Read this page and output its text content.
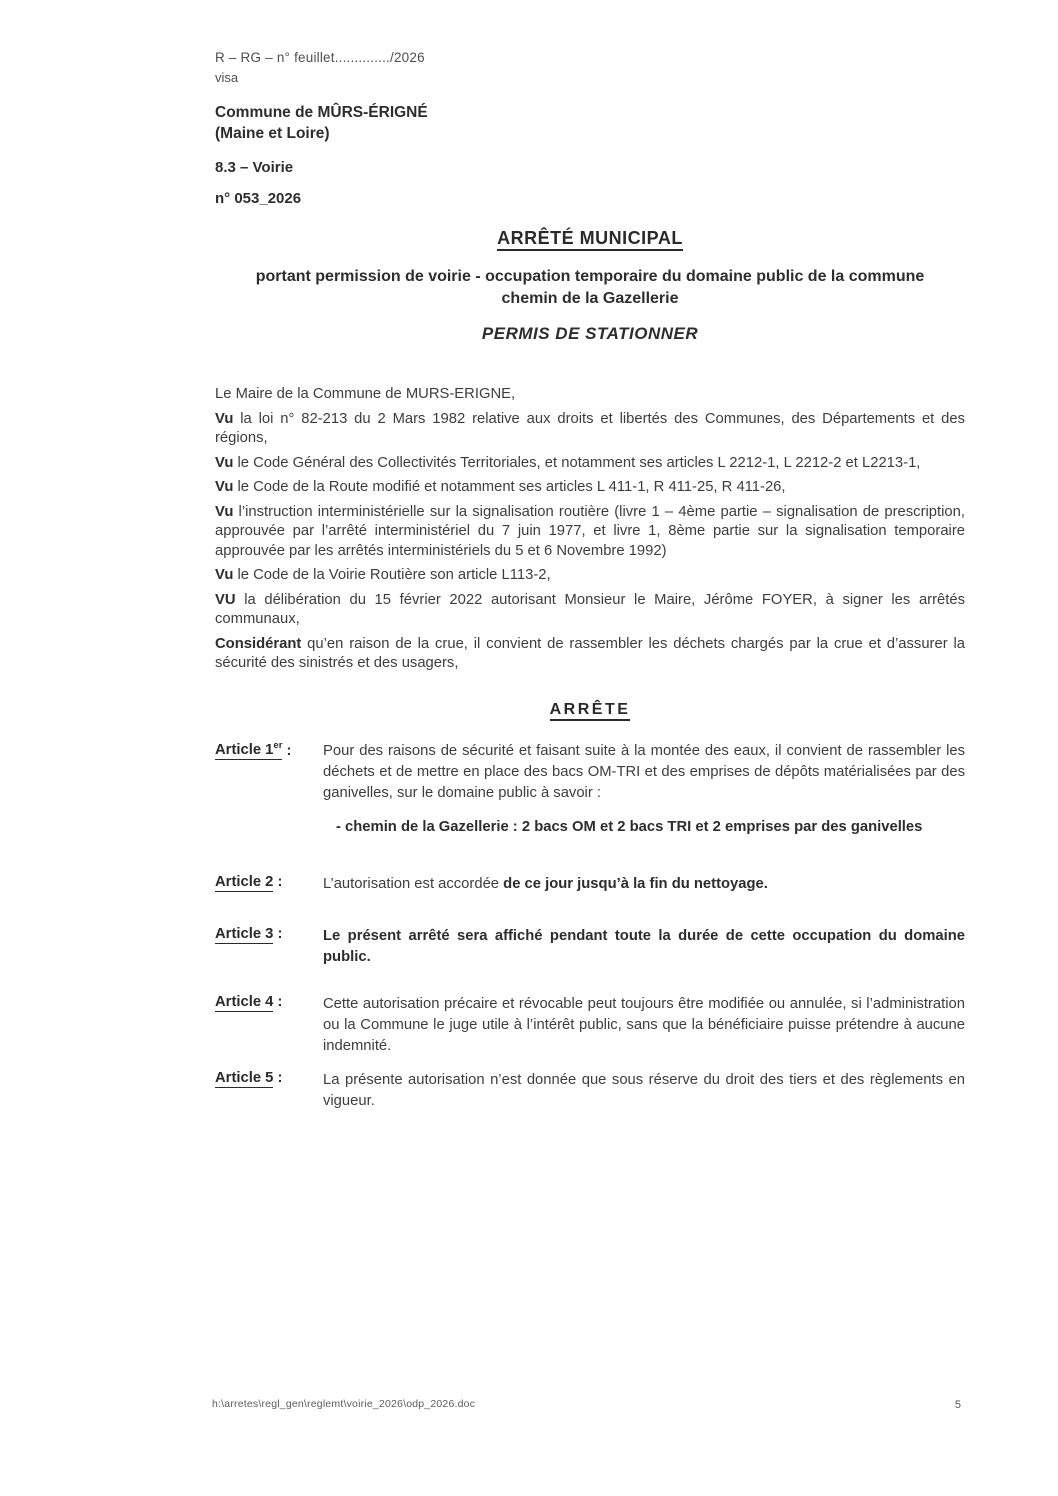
R – RG – n° feuillet............../2026
visa
Commune de MÛRS-ÉRIGNÉ
(Maine et Loire)
8.3 – Voirie
n° 053_2026
ARRÊTÉ MUNICIPAL
portant permission de voirie - occupation temporaire du domaine public de la commune
chemin de la Gazellerie
PERMIS DE STATIONNER

Le Maire de la Commune de MURS-ERIGNE,

Vu la loi n° 82-213 du 2 Mars 1982 relative aux droits et libertés des Communes, des Départements et des régions,

Vu le Code Général des Collectivités Territoriales, et notamment ses articles L 2212-1, L 2212-2 et L2213-1,

Vu le Code de la Route modifié et notamment ses articles L 411-1, R 411-25, R 411-26,

Vu l’instruction interministérielle sur la signalisation routière (livre 1 – 4ème partie – signalisation de prescription, approuvée par l’arrêté interministériel du 7 juin 1977, et livre 1, 8ème partie sur la signalisation temporaire approuvée par les arrêtés interministériels du 5 et 6 Novembre 1992)

Vu le Code de la Voirie Routière son article L113-2,

VU la délibération du 15 février 2022 autorisant Monsieur le Maire, Jérôme FOYER, à signer les arrêtés communaux,

Considérant qu’en raison de la crue, il convient de rassembler les déchets chargés par la crue et d’assurer la sécurité des sinistrés et des usagers,

ARRÊTE
Article 1er :	Pour des raisons de sécurité et faisant suite à la montée des eaux, il convient de rassembler les déchets et de mettre en place des bacs OM-TRI et des emprises de dépôts matérialisées par des ganivelles, sur le domaine public à savoir :
- chemin de la Gazellerie : 2 bacs OM et 2 bacs TRI et 2 emprises par des ganivelles
Article 2 :	L’autorisation est accordée de ce jour jusqu’à la fin du nettoyage.
Article 3 :	Le présent arrêté sera affiché pendant toute la durée de cette occupation du domaine public.
Article 4 :	Cette autorisation précaire et révocable peut toujours être modifiée ou annulée, si l’administration ou la Commune le juge utile à l’intérêt public, sans que la bénéficiaire puisse prétendre à aucune indemnité.
Article 5 :	La présente autorisation n’est donnée que sous réserve du droit des tiers et des règlements en vigueur.
h:\arretes\regl_gen\reglemt\voirie_2026\odp_2026.doc	5
